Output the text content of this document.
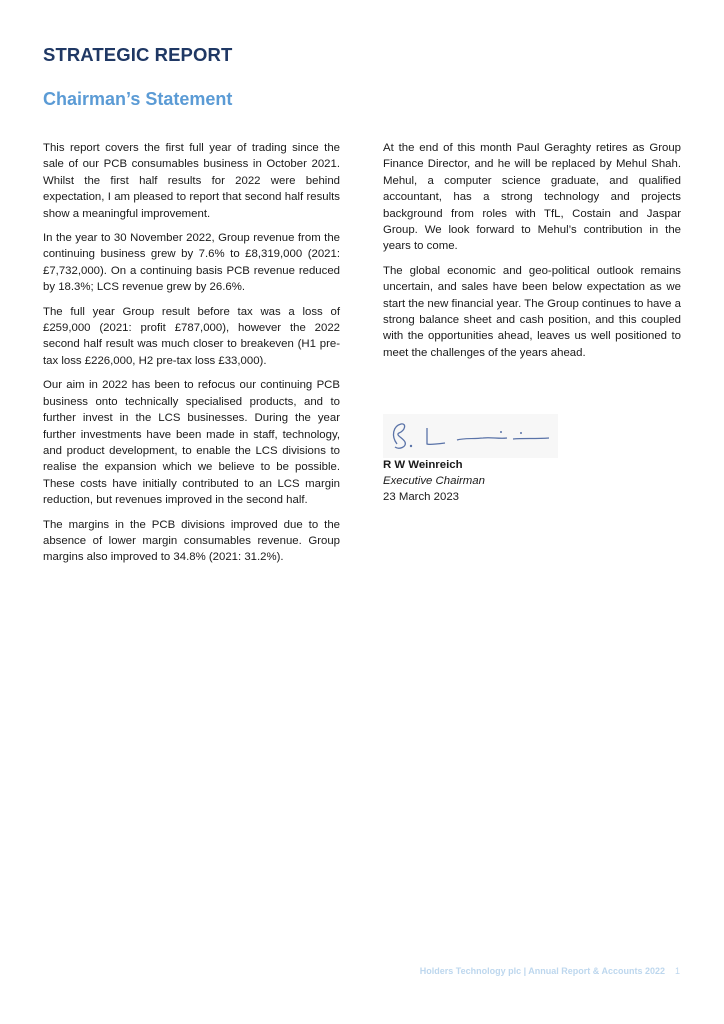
STRATEGIC REPORT
Chairman’s Statement

This report covers the first full year of trading since the sale of our PCB consumables business in October 2021. Whilst the first half results for 2022 were behind expectation, I am pleased to report that second half results show a meaningful improvement.

In the year to 30 November 2022, Group revenue from the continuing business grew by 7.6% to £8,319,000 (2021: £7,732,000). On a continuing basis PCB revenue reduced by 18.3%; LCS revenue grew by 26.6%.

The full year Group result before tax was a loss of £259,000 (2021: profit £787,000), however the 2022 second half result was much closer to breakeven (H1 pre-tax loss £226,000, H2 pre-tax loss £33,000).

Our aim in 2022 has been to refocus our continuing PCB business onto technically specialised products, and to further invest in the LCS businesses. During the year further investments have been made in staff, technology, and product development, to enable the LCS divisions to realise the expansion which we believe to be possible. These costs have initially contributed to an LCS margin reduction, but revenues improved in the second half.

The margins in the PCB divisions improved due to the absence of lower margin consumables revenue. Group margins also improved to 34.8% (2021: 31.2%).

At the end of this month Paul Geraghty retires as Group Finance Director, and he will be replaced by Mehul Shah. Mehul, a computer science graduate, and qualified accountant, has a strong technology and projects background from roles with TfL, Costain and Jaspar Group. We look forward to Mehul’s contribution in the years to come.

The global economic and geo-political outlook remains uncertain, and sales have been below expectation as we start the new financial year. The Group continues to have a strong balance sheet and cash position, and this coupled with the opportunities ahead, leaves us well positioned to meet the challenges of the years ahead.

R W Weinreich
Executive Chairman
23 March 2023
Holders Technology plc | Annual Report & Accounts 2022 1
